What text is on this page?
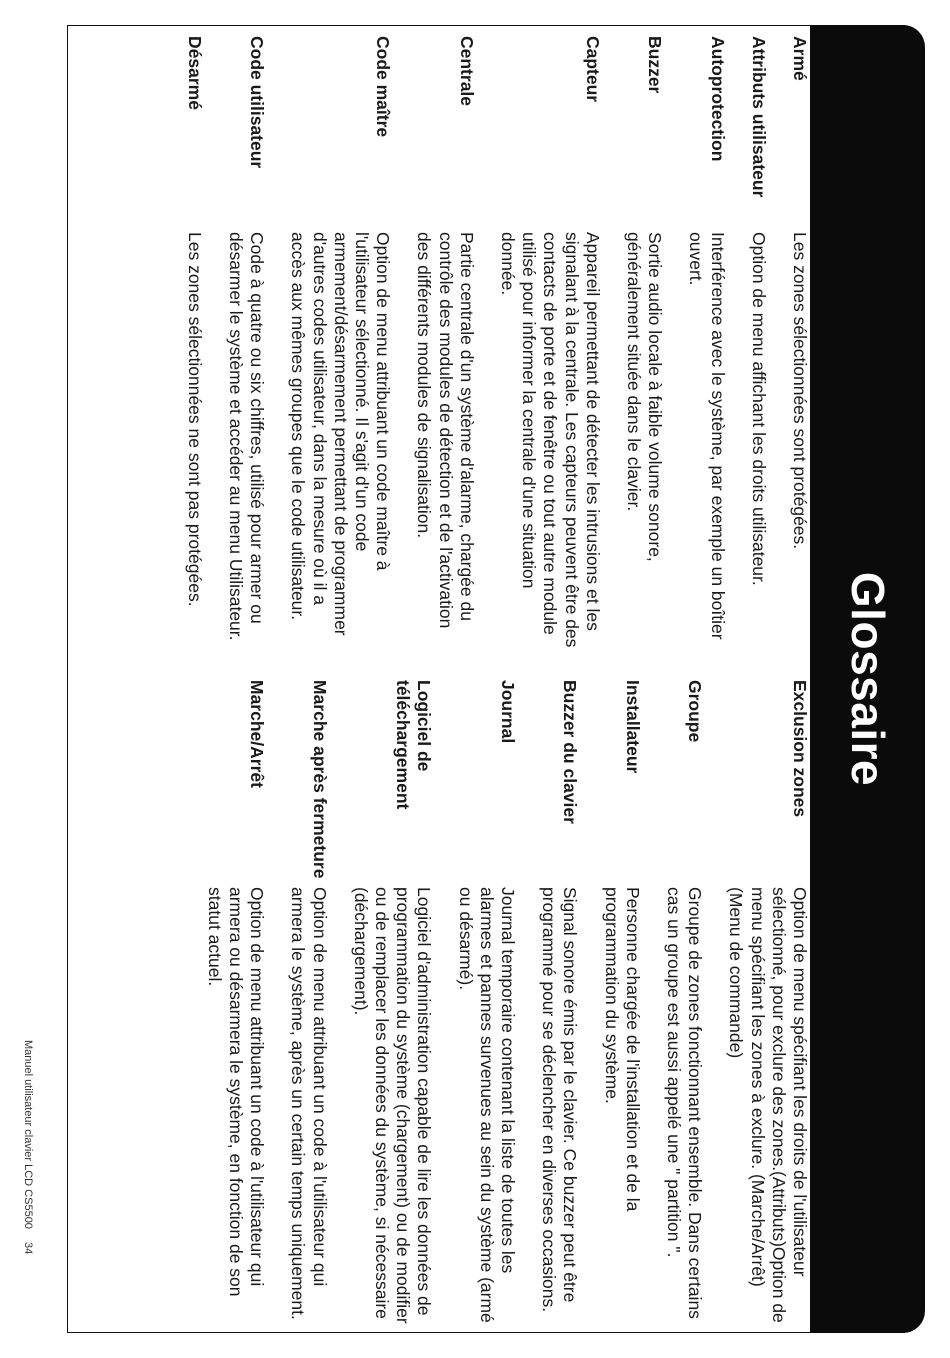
Glossaire
Armé
Les zones sélectionnées sont protégées.
Attributs utilisateur
Option de menu affichant les droits utilisateur.
Autoprotection
Interférence avec le système, par exemple un boîtier ouvert.
Buzzer
Sortie audio locale à faible volume sonore, généralement située dans le clavier.
Capteur
Appareil permettant de détecter les intrusions et les signalant à la centrale. Les capteurs peuvent être des contacts de porte et de fenêtre ou tout autre module utilisé pour informer la centrale d'une situation donnée.
Centrale
Partie centrale d'un système d'alarme, chargée du contrôle des modules de détection et de l'activation des différents modules de signalisation.
Code maître
Option de menu attribuant un code maître à l'utilisateur sélectionné. Il s'agit d'un code armement/désarmement permettant de programmer d'autres codes utilisateur, dans la mesure où il a accès aux mêmes groupes que le code utilisateur.
Code utilisateur
Code à quatre ou six chiffres, utilisé pour armer ou désarmer le système et accéder au menu Utilisateur.
Désarmé
Les zones sélectionnées ne sont pas protégées.
Exclusion zones
Option de menu spécifiant les droits de l'utilisateur sélectionné, pour exclure des zones.(Attributs)Option de menu spécifiant les zones à exclure. (Marche/Arrêt)(Menu de commande)
Groupe
Groupe de zones fonctionnant ensemble. Dans certains cas un groupe est aussi appelé une " partition ".
Installateur
Personne chargée de l'installation et de la programmation du système.
Buzzer du clavier
Signal sonore émis par le clavier. Ce buzzer peut être programmé pour se déclencher en diverses occasions.
Journal
Journal temporaire contenant la liste de toutes les alarmes et pannes survenues au sein du système (armé ou désarmé).
Logiciel de téléchargement
Logiciel d'administration capable de lire les données de programmation du système (chargement) ou de modifier ou de remplacer les données du système, si nécessaire (déchargement).
Marche après fermeture
Option de menu attribuant un code à l'utilisateur qui armera le système, après un certain temps uniquement.
Marche/Arrêt
Option de menu attribuant un code à l'utilisateur qui armera ou désarmera le système, en fonction de son statut actuel.
Manuel utilisateur clavier LCD CS5500 34
